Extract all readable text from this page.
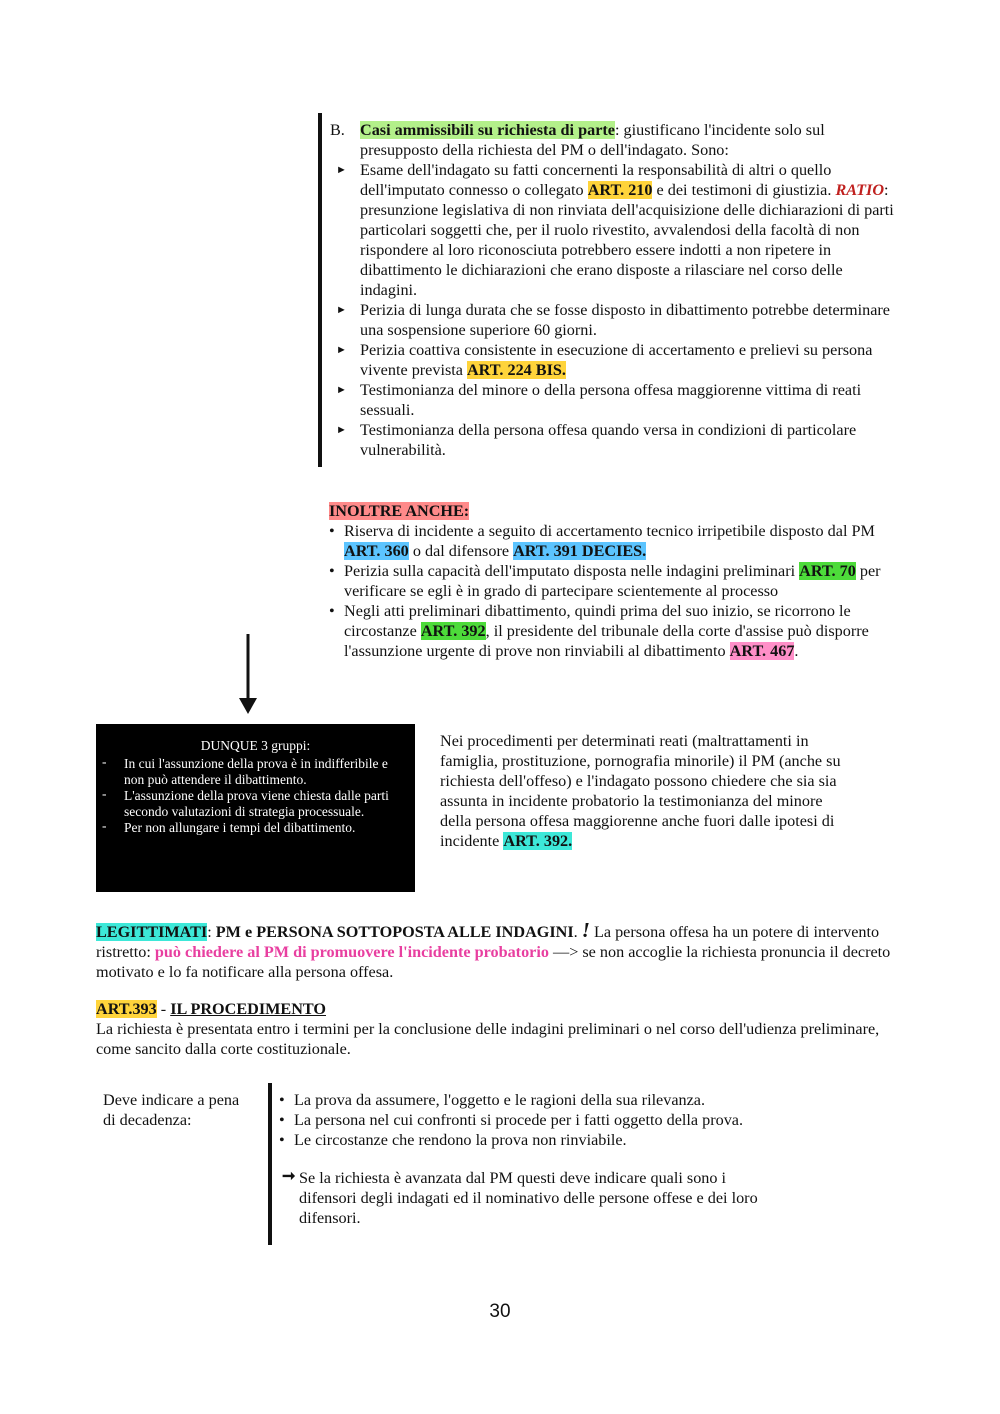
B. Casi ammissibili su richiesta di parte: giustificano l'incidente solo sul presupposto della richiesta del PM o dell'indagato. Sono:
► Esame dell'indagato su fatti concernenti la responsabilità di altri o quello dell'imputato connesso o collegato ART. 210 e dei testimoni di giustizia. RATIO: presunzione legislativa di non rinviata dell'acquisizione delle dichiarazioni di parti particolari soggetti che, per il ruolo rivestito, avvalendosi della facoltà di non rispondere al loro riconosciuta potrebbero essere indotti a non ripetere in dibattimento le dichiarazioni che erano disposte a rilasciare nel corso delle indagini.
► Perizia di lunga durata che se fosse disposto in dibattimento potrebbe determinare una sospensione superiore 60 giorni.
► Perizia coattiva consistente in esecuzione di accertamento e prelievi su persona vivente prevista ART. 224 BIS.
► Testimonianza del minore o della persona offesa maggiorenne vittima di reati sessuali.
► Testimonianza della persona offesa quando versa in condizioni di particolare vulnerabilità.
INOLTRE ANCHE:
• Riserva di incidente a seguito di accertamento tecnico irripetibile disposto dal PM ART. 360 o dal difensore ART. 391 DECIES.
• Perizia sulla capacità dell'imputato disposta nelle indagini preliminari ART. 70 per verificare se egli è in grado di partecipare scientemente al processo
• Negli atti preliminari dibattimento, quindi prima del suo inizio, se ricorrono le circostanze ART. 392, il presidente del tribunale della corte d'assise può disporre l'assunzione urgente di prove non rinviabili al dibattimento ART. 467.
DUNQUE 3 gruppi:
- In cui l'assunzione della prova è in indifferibile e non può attendere il dibattimento.
- L'assunzione della prova viene chiesta dalle parti secondo valutazioni di strategia processuale.
- Per non allungare i tempi del dibattimento.
Nei procedimenti per determinati reati (maltrattamenti in famiglia, prostituzione, pornografia minorile) il PM (anche su richiesta dell'offeso) e l'indagato possono chiedere che sia sia assunta in incidente probatorio la testimonianza del minore della persona offesa maggiorenne anche fuori dalle ipotesi di incidente ART. 392.
LEGITTIMATI: PM e PERSONA SOTTOPOSTA ALLE INDAGINI. ! La persona offesa ha un potere di intervento ristretto: può chiedere al PM di promuovere l'incidente probatorio —> se non accoglie la richiesta pronuncia il decreto motivato e lo fa notificare alla persona offesa.
ART.393 - IL PROCEDIMENTO
La richiesta è presentata entro i termini per la conclusione delle indagini preliminari o nel corso dell'udienza preliminare, come sancito dalla corte costituzionale.
Deve indicare a pena di decadenza:
• La prova da assumere, l'oggetto e le ragioni della sua rilevanza.
• La persona nel cui confronti si procede per i fatti oggetto della prova.
• Le circostanze che rendono la prova non rinviabile.
➞ Se la richiesta è avanzata dal PM questi deve indicare quali sono i difensori degli indagati ed il nominativo delle persone offese e dei loro difensori.
30
